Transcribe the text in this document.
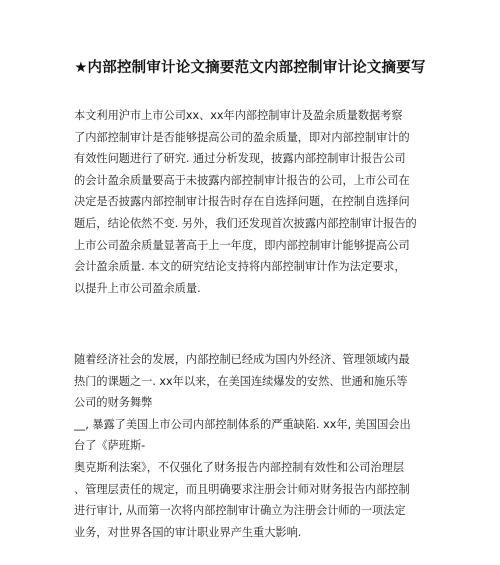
★内部控制审计论文摘要范文内部控制审计论文摘要写
本文利用沪市上市公司xx、xx年内部控制审计及盈余质量数据考察
了内部控制审计是否能够提高公司的盈余质量，即对内部控制审计的
有效性问题进行了研究. 通过分析发现，披露内部控制审计报告公司
的会计盈余质量要高于未披露内部控制审计报告的公司，上市公司在
决定是否披露内部控制审计报告时存在自选择问题，在控制自选择问
题后，结论依然不变. 另外，我们还发现首次披露内部控制审计报告的
上市公司盈余质量显著高于上一年度，即内部控制审计能够提高公司
会计盈余质量. 本文的研究结论支持将内部控制审计作为法定要求，
以提升上市公司盈余质量.
随着经济社会的发展，内部控制已经成为国内外经济、管理领域内最
热门的课题之一. xx年以来，在美国连续爆发的安然、世通和施乐等
公司的财务舞弊
__, 暴露了美国上市公司内部控制体系的严重缺陷. xx年, 美国国会出
台了《萨班斯-
奥克斯利法案》，不仅强化了财务报告内部控制有效性和公司治理层
、管理层责任的规定，而且明确要求注册会计师对财务报告内部控制
进行审计, 从而第一次将内部控制审计确立为注册会计师的一项法定
业务，对世界各国的审计职业界产生重大影响.
